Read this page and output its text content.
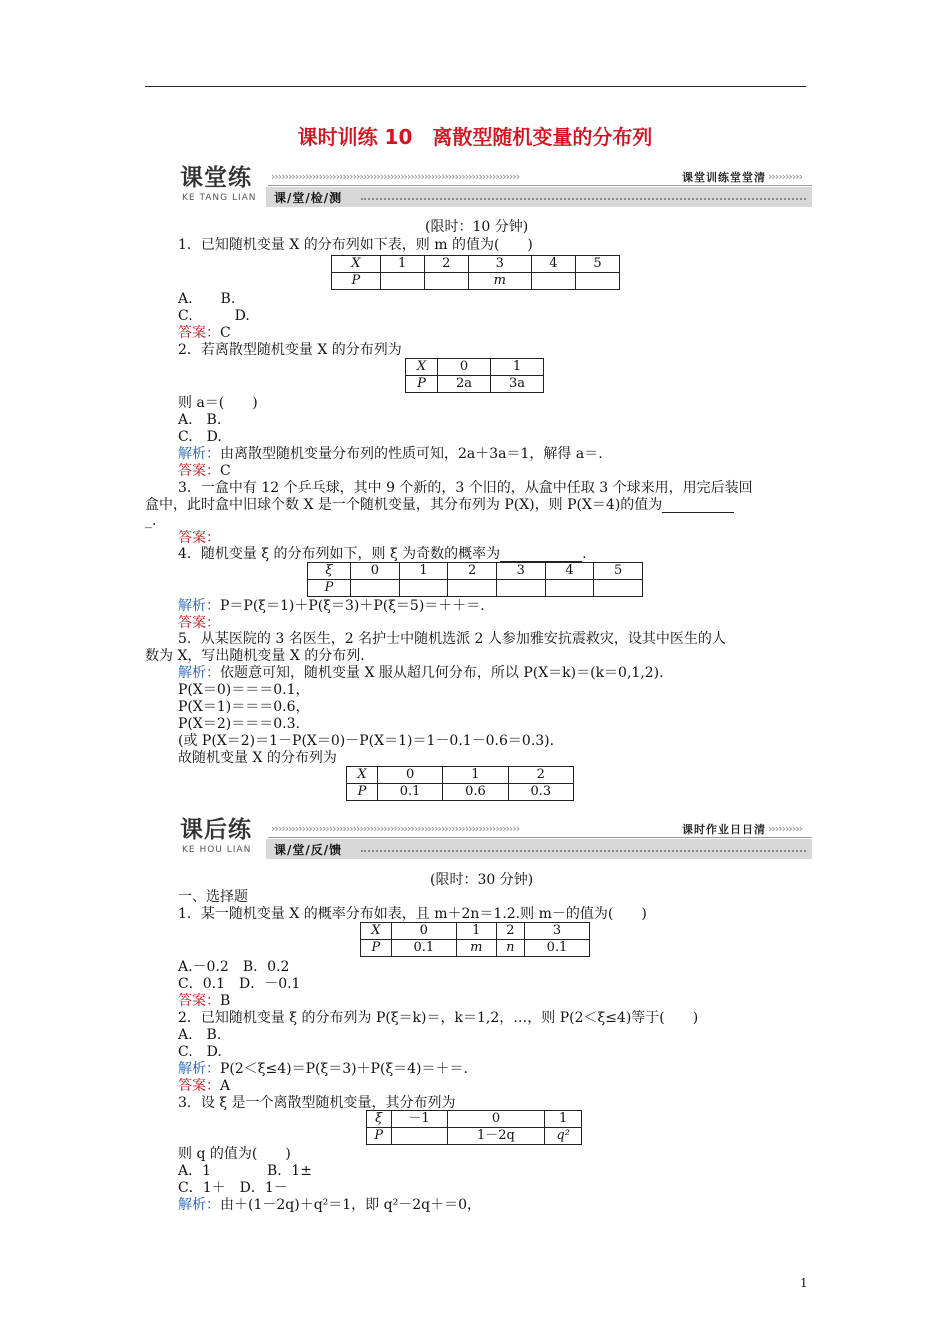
课时训练 10　离散型随机变量的分布列
课堂练
KE TANG LIAN
›››››››››››››››››››››››››››››››››››››››››››››››››››››››››››››››››››››››››	课堂训练堂堂清 ››››››››››
课/堂/检/测
(限时：10 分钟)
1．已知随机变量 X 的分布列如下表，则 m 的值为(　　)
X	1	2	3	4	5
P			m		
A.　　B.
C.　　　D.
答案：C
2．若离散型随机变量 X 的分布列为
X	0	1
P	2a	3a
则 a＝(　　)
A.　B.
C.　D.
解析：由离散型随机变量分布列的性质可知，2a＋3a＝1，解得 a＝.
答案：C
3．一盒中有 12 个乒乓球，其中 9 个新的，3 个旧的，从盒中任取 3 个球来用，用完后装回
盒中，此时盒中旧球个数 X 是一个随机变量，其分布列为 P(X)，则 P(X＝4)的值为
_.
答案：
4．随机变量 ξ 的分布列如下，则 ξ 为奇数的概率为	.
ξ	0	1	2	3	4	5
P						
解析：P＝P(ξ＝1)＋P(ξ＝3)＋P(ξ＝5)＝＋＋＝.
答案：
5．从某医院的 3 名医生，2 名护士中随机选派 2 人参加雅安抗震救灾，设其中医生的人
数为 X，写出随机变量 X 的分布列.
解析：依题意可知，随机变量 X 服从超几何分布，所以 P(X＝k)＝(k＝0,1,2).
P(X＝0)＝＝＝0.1，
P(X＝1)＝＝＝0.6，
P(X＝2)＝＝＝0.3.
(或 P(X＝2)＝1－P(X＝0)－P(X＝1)＝1－0.1－0.6＝0.3).
故随机变量 X 的分布列为
X	0	1	2
P	0.1	0.6	0.3
课后练
KE HOU LIAN
›››››››››››››››››››››››››››››››››››››››››››››››››››››››››››››››››››››››››	课时作业日日清 ››››››››››
课/堂/反/馈
(限时：30 分钟)
一、选择题
1．某一随机变量 X 的概率分布如表，且 m＋2n＝1.2.则 m－的值为(　　)
X	0	1	2	3
P	0.1	m	n	0.1
A.－0.2　B．0.2
C．0.1　D．－0.1
答案：B
2．已知随机变量 ξ 的分布列为 P(ξ＝k)＝，k＝1,2，…，则 P(2＜ξ≤4)等于(　　)
A.　B.
C.　D.
解析：P(2＜ξ≤4)＝P(ξ＝3)＋P(ξ＝4)＝＋＝.
答案：A
3．设 ξ 是一个离散型随机变量，其分布列为
ξ	－1	0	1
P		1－2q	q²
则 q 的值为(　　)
A．1　　　　B．1±
C．1＋　D．1－
解析：由＋(1－2q)＋q²＝1，即 q²－2q＋＝0，
1
